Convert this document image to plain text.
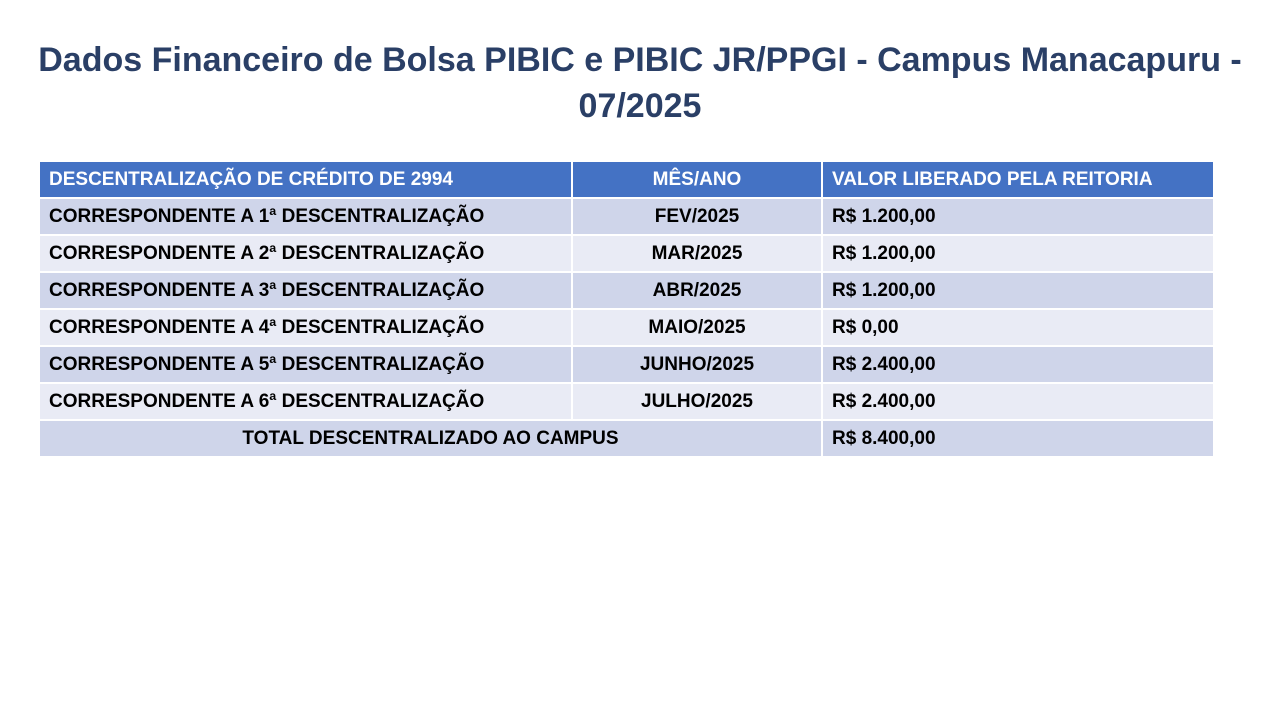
Dados Financeiro de Bolsa PIBIC e PIBIC JR/PPGI - Campus Manacapuru - 07/2025
DESCENTRALIZAÇÃO DE CRÉDITO DE 2994	MÊS/ANO	VALOR LIBERADO PELA REITORIA
CORRESPONDENTE A 1ª DESCENTRALIZAÇÃO	FEV/2025	R$ 1.200,00
CORRESPONDENTE A 2ª DESCENTRALIZAÇÃO	MAR/2025	R$ 1.200,00
CORRESPONDENTE A 3ª DESCENTRALIZAÇÃO	ABR/2025	R$ 1.200,00
CORRESPONDENTE A 4ª DESCENTRALIZAÇÃO	MAIO/2025	R$ 0,00
CORRESPONDENTE A 5ª DESCENTRALIZAÇÃO	JUNHO/2025	R$ 2.400,00
CORRESPONDENTE A 6ª DESCENTRALIZAÇÃO	JULHO/2025	R$ 2.400,00
TOTAL DESCENTRALIZADO AO CAMPUS		R$ 8.400,00
